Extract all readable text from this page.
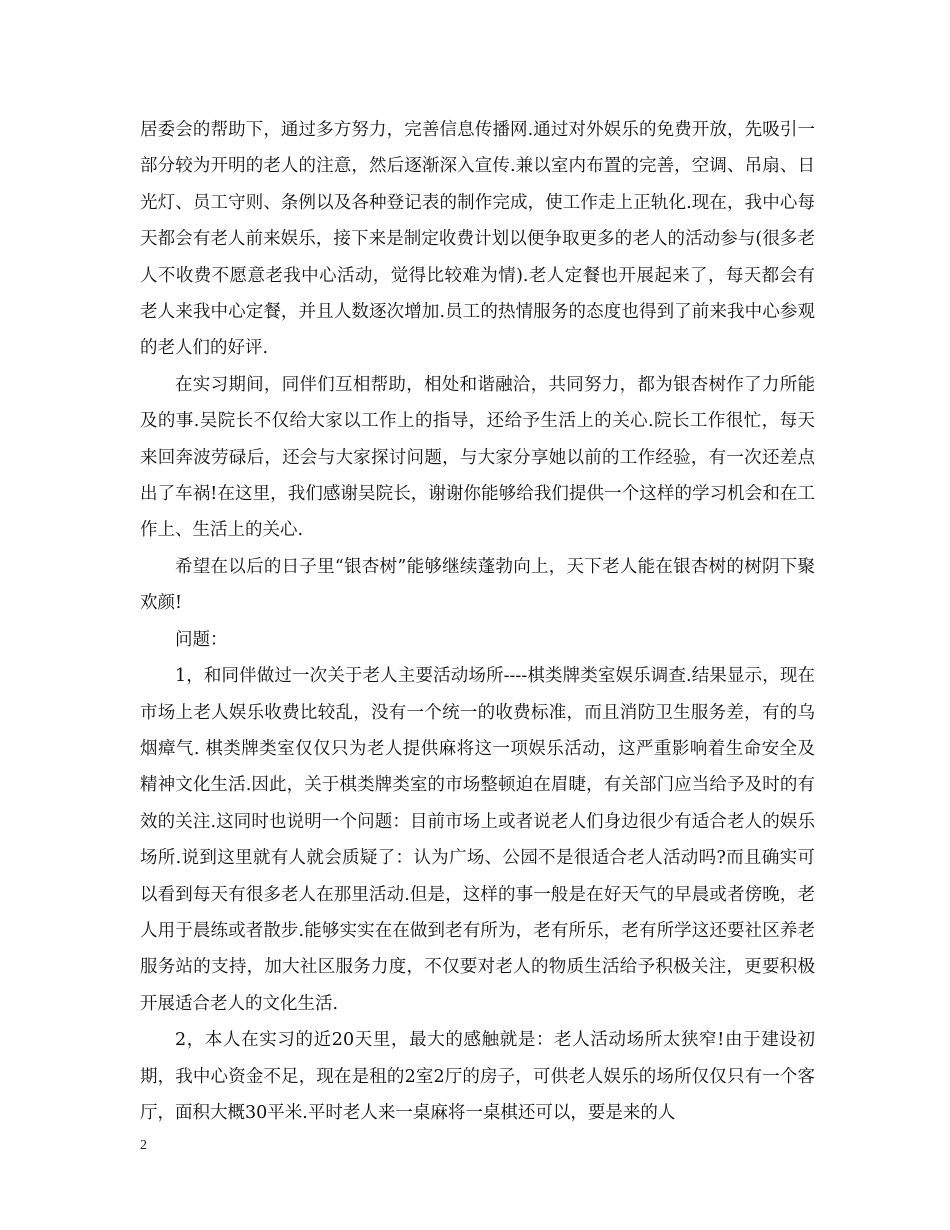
居委会的帮助下，通过多方努力，完善信息传播网.通过对外娱乐的免费开放，先吸引一部分较为开明的老人的注意，然后逐渐深入宣传.兼以室内布置的完善，空调、吊扇、日光灯、员工守则、条例以及各种登记表的制作完成，使工作走上正轨化.现在，我中心每天都会有老人前来娱乐，接下来是制定收费计划以便争取更多的老人的活动参与(很多老人不收费不愿意老我中心活动，觉得比较难为情).老人定餐也开展起来了，每天都会有老人来我中心定餐，并且人数逐次增加.员工的热情服务的态度也得到了前来我中心参观的老人们的好评.

在实习期间，同伴们互相帮助，相处和谐融洽，共同努力，都为银杏树作了力所能及的事.吴院长不仅给大家以工作上的指导，还给予生活上的关心.院长工作很忙，每天来回奔波劳碌后，还会与大家探讨问题，与大家分享她以前的工作经验，有一次还差点出了车祸!在这里，我们感谢吴院长，谢谢你能够给我们提供一个这样的学习机会和在工作上、生活上的关心.

希望在以后的日子里“银杏树”能够继续蓬勃向上，天下老人能在银杏树的树阴下聚欢颜!

问题：

1，和同伴做过一次关于老人主要活动场所----棋类牌类室娱乐调查.结果显示，现在市场上老人娱乐收费比较乱，没有一个统一的收费标准，而且消防卫生服务差，有的乌烟瘴气. 棋类牌类室仅仅只为老人提供麻将这一项娱乐活动，这严重影响着生命安全及精神文化生活.因此，关于棋类牌类室的市场整顿迫在眉睫，有关部门应当给予及时的有效的关注.这同时也说明一个问题：目前市场上或者说老人们身边很少有适合老人的娱乐场所.说到这里就有人就会质疑了：认为广场、公园不是很适合老人活动吗?而且确实可以看到每天有很多老人在那里活动.但是，这样的事一般是在好天气的早晨或者傍晚，老人用于晨练或者散步.能够实实在在做到老有所为，老有所乐，老有所学这还要社区养老服务站的支持，加大社区服务力度，不仅要对老人的物质生活给予积极关注，更要积极开展适合老人的文化生活.

2，本人在实习的近20天里，最大的感触就是：老人活动场所太狭窄!由于建设初期，我中心资金不足，现在是租的2室2厅的房子，可供老人娱乐的场所仅仅只有一个客厅，面积大概30平米.平时老人来一桌麻将一桌棋还可以，要是来的人

2
